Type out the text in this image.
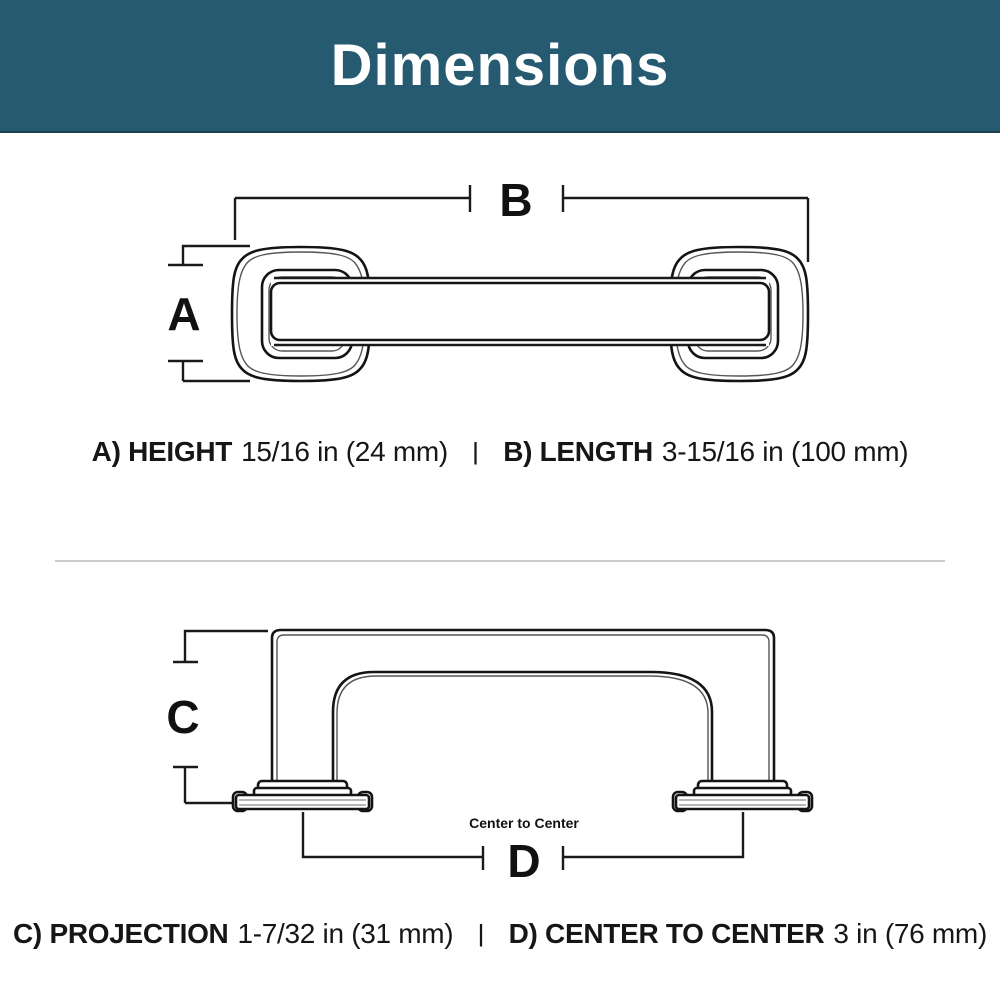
Dimensions
B
A
A) HEIGHT 15/16 in (24 mm) | B) LENGTH 3-15/16 in (100 mm)
C
Center to Center
D
C) PROJECTION 1-7/32 in (31 mm) | D) CENTER TO CENTER 3 in (76 mm)
